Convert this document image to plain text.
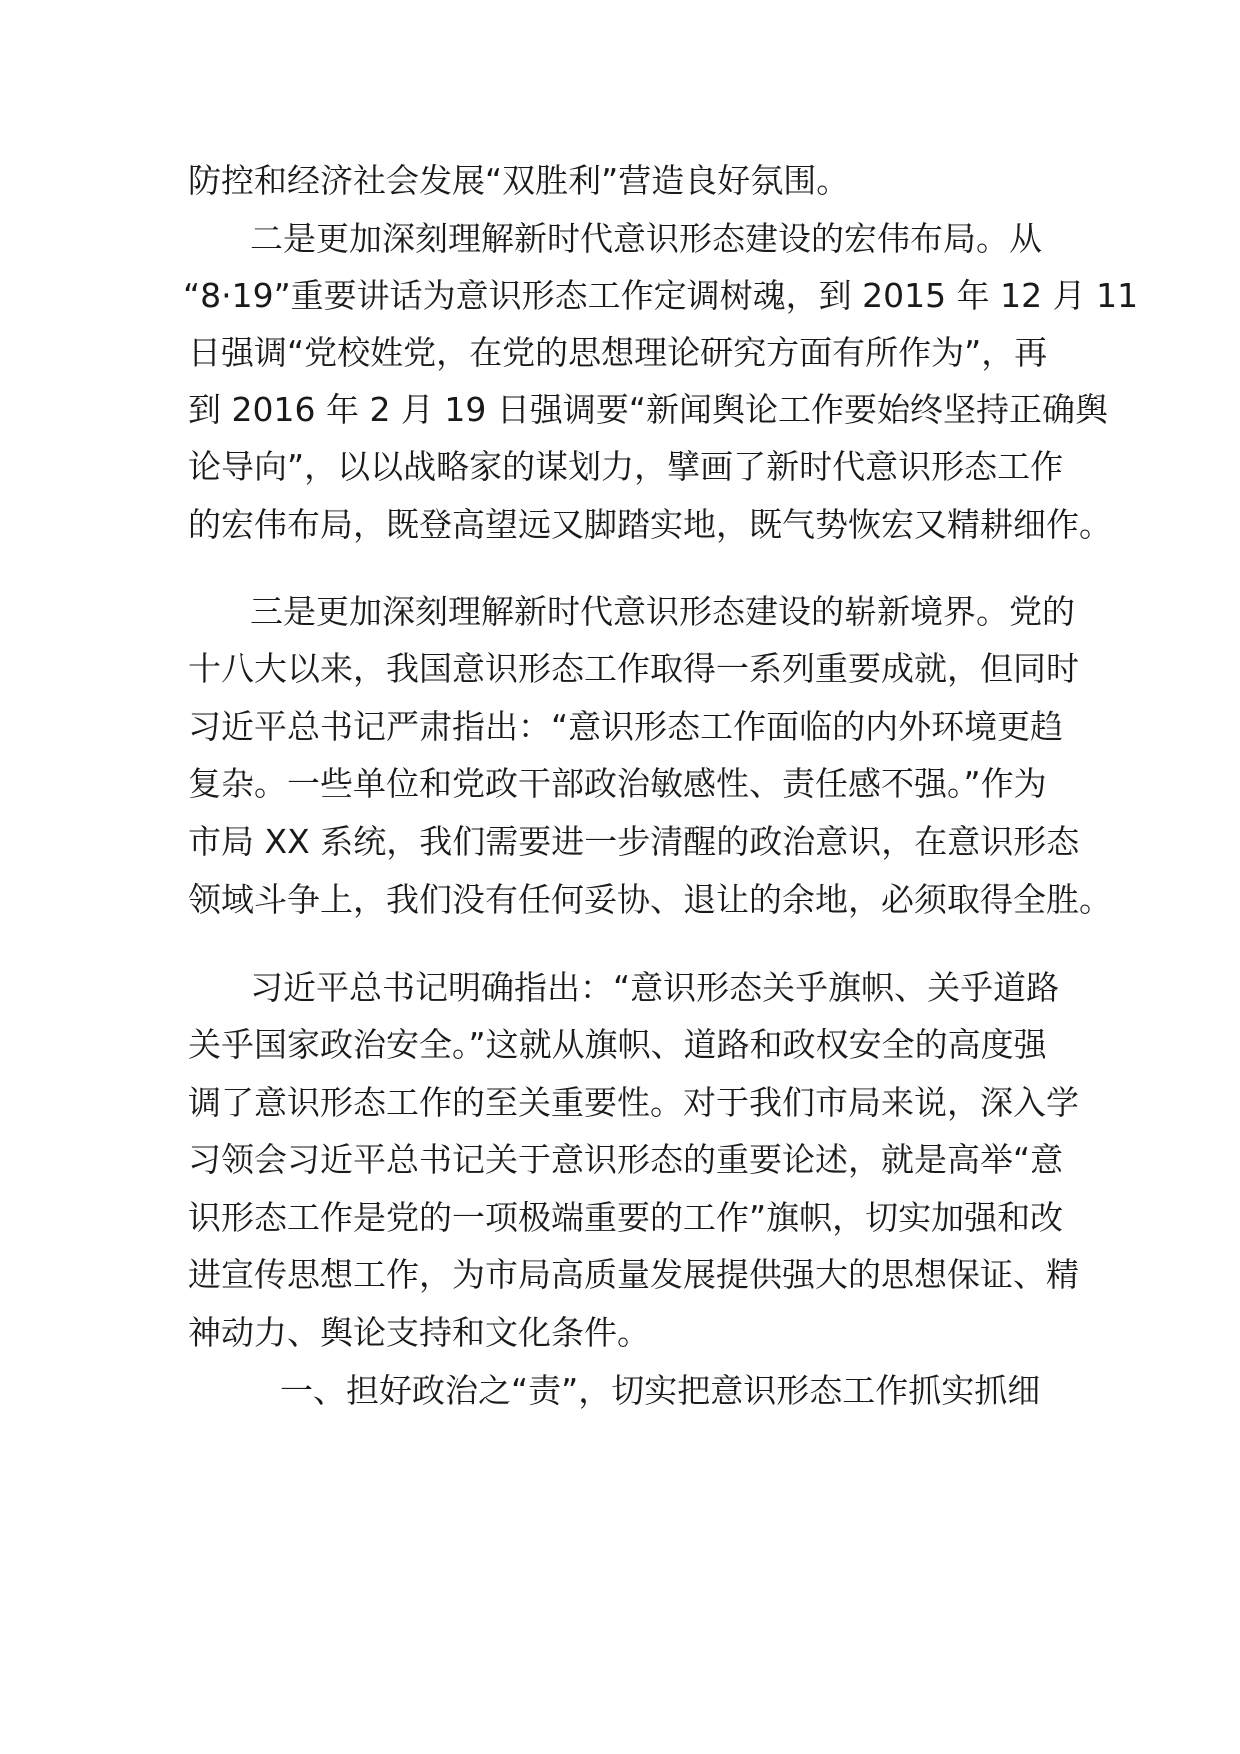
防控和经济社会发展“双胜利”营造良好氛围。
二是更加深刻理解新时代意识形态建设的宏伟布局。从
“8·19”重要讲话为意识形态工作定调树魂，到 2015 年 12 月 11
日强调“党校姓党，在党的思想理论研究方面有所作为”，再
到 2016 年 2 月 19 日强调要“新闻舆论工作要始终坚持正确舆
论导向”，以以战略家的谋划力，擘画了新时代意识形态工作
的宏伟布局，既登高望远又脚踏实地，既气势恢宏又精耕细作。
三是更加深刻理解新时代意识形态建设的崭新境界。党的
十八大以来，我国意识形态工作取得一系列重要成就，但同时
习近平总书记严肃指出：“意识形态工作面临的内外环境更趋
复杂。一些单位和党政干部政治敏感性、责任感不强。”作为
市局 XX 系统，我们需要进一步清醒的政治意识，在意识形态
领域斗争上，我们没有任何妥协、退让的余地，必须取得全胜。
习近平总书记明确指出：“意识形态关乎旗帜、关乎道路
关乎国家政治安全。”这就从旗帜、道路和政权安全的高度强
调了意识形态工作的至关重要性。对于我们市局来说，深入学
习领会习近平总书记关于意识形态的重要论述，就是高举“意
识形态工作是党的一项极端重要的工作”旗帜，切实加强和改
进宣传思想工作，为市局高质量发展提供强大的思想保证、精
神动力、舆论支持和文化条件。
一、担好政治之“责”，切实把意识形态工作抓实抓细
